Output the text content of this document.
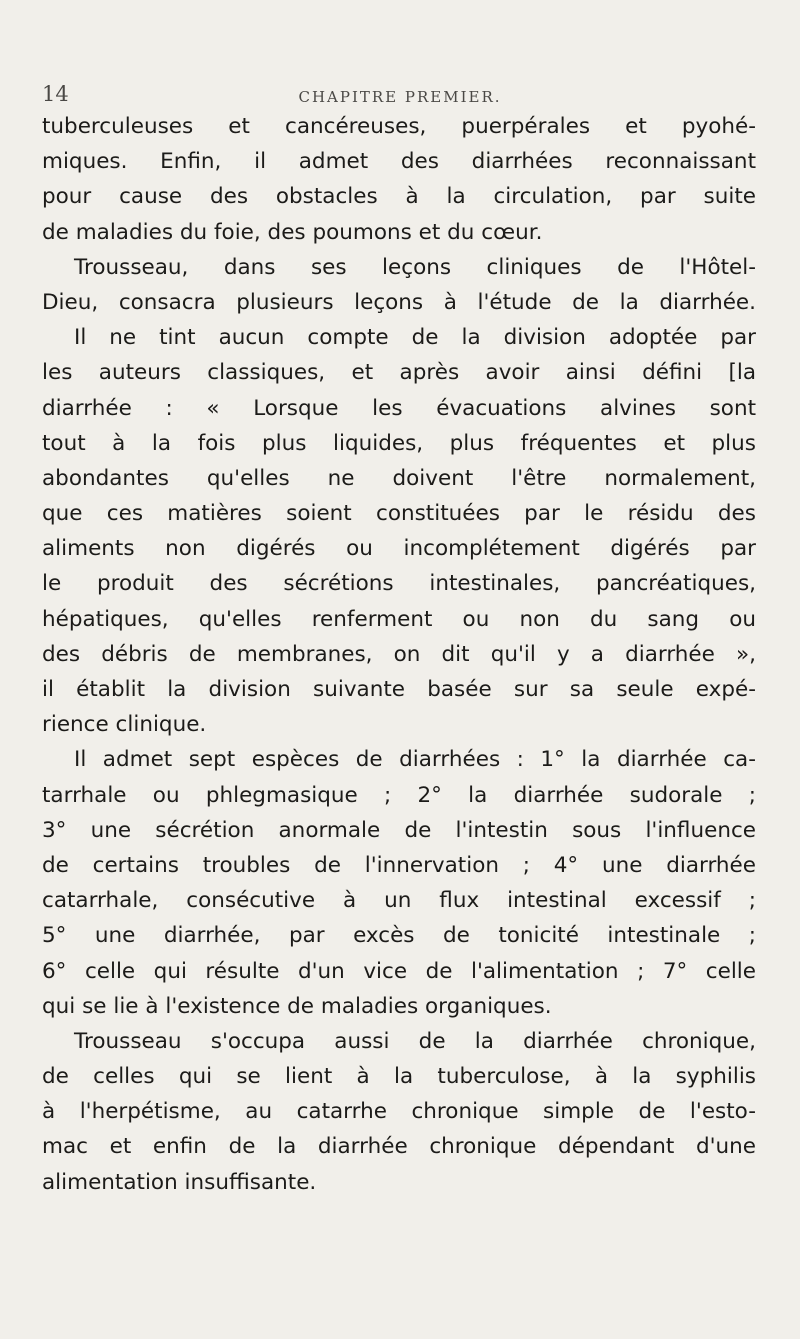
14	CHAPITRE PREMIER.
tuberculeuses et cancéreuses, puerpérales et pyohé-
miques. Enfin, il admet des diarrhées reconnaissant
pour cause des obstacles à la circulation, par suite
de maladies du foie, des poumons et du cœur.
Trousseau, dans ses leçons cliniques de l'Hôtel-
Dieu, consacra plusieurs leçons à l'étude de la diarrhée.
Il ne tint aucun compte de la division adoptée par
les auteurs classiques, et après avoir ainsi défini [la
diarrhée : « Lorsque les évacuations alvines sont
tout à la fois plus liquides, plus fréquentes et plus
abondantes qu'elles ne doivent l'être normalement,
que ces matières soient constituées par le résidu des
aliments non digérés ou incomplétement digérés par
le produit des sécrétions intestinales, pancréatiques,
hépatiques, qu'elles renferment ou non du sang ou
des débris de membranes, on dit qu'il y a diarrhée »,
il établit la division suivante basée sur sa seule expé-
rience clinique.
Il admet sept espèces de diarrhées : 1° la diarrhée ca-
tarrhale ou phlegmasique ; 2° la diarrhée sudorale ;
3° une sécrétion anormale de l'intestin sous l'influence
de certains troubles de l'innervation ; 4° une diarrhée
catarrhale, consécutive à un flux intestinal excessif ;
5° une diarrhée, par excès de tonicité intestinale ;
6° celle qui résulte d'un vice de l'alimentation ; 7° celle
qui se lie à l'existence de maladies organiques.
Trousseau s'occupa aussi de la diarrhée chronique,
de celles qui se lient à la tuberculose, à la syphilis
à l'herpétisme, au catarrhe chronique simple de l'esto-
mac et enfin de la diarrhée chronique dépendant d'une
alimentation insuffisante.
